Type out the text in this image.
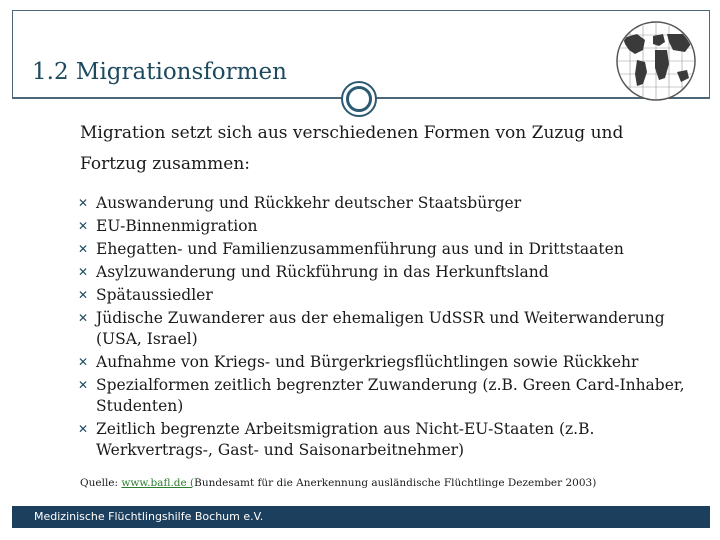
1.2 Migrationsformen

Migration setzt sich aus verschiedenen Formen von Zuzug und Fortzug zusammen:

✕ Auswanderung und Rückkehr deutscher Staatsbürger
✕ EU-Binnenmigration
✕ Ehegatten- und Familienzusammenführung aus und in Drittstaaten
✕ Asylzuwanderung und Rückführung in das Herkunftsland
✕ Spätaussiedler
✕ Jüdische Zuwanderer aus der ehemaligen UdSSR und Weiterwanderung (USA, Israel)
✕ Aufnahme von Kriegs- und Bürgerkriegsflüchtlingen sowie Rückkehr
✕ Spezialformen zeitlich begrenzter Zuwanderung (z.B. Green Card-Inhaber, Studenten)
✕ Zeitlich begrenzte Arbeitsmigration aus Nicht-EU-Staaten (z.B. Werkvertrags-, Gast- und Saisonarbeitnehmer)
Quelle: www.bafl.de (Bundesamt für die Anerkennung ausländische Flüchtlinge Dezember 2003)
Medizinische Flüchtlingshilfe Bochum e.V.
